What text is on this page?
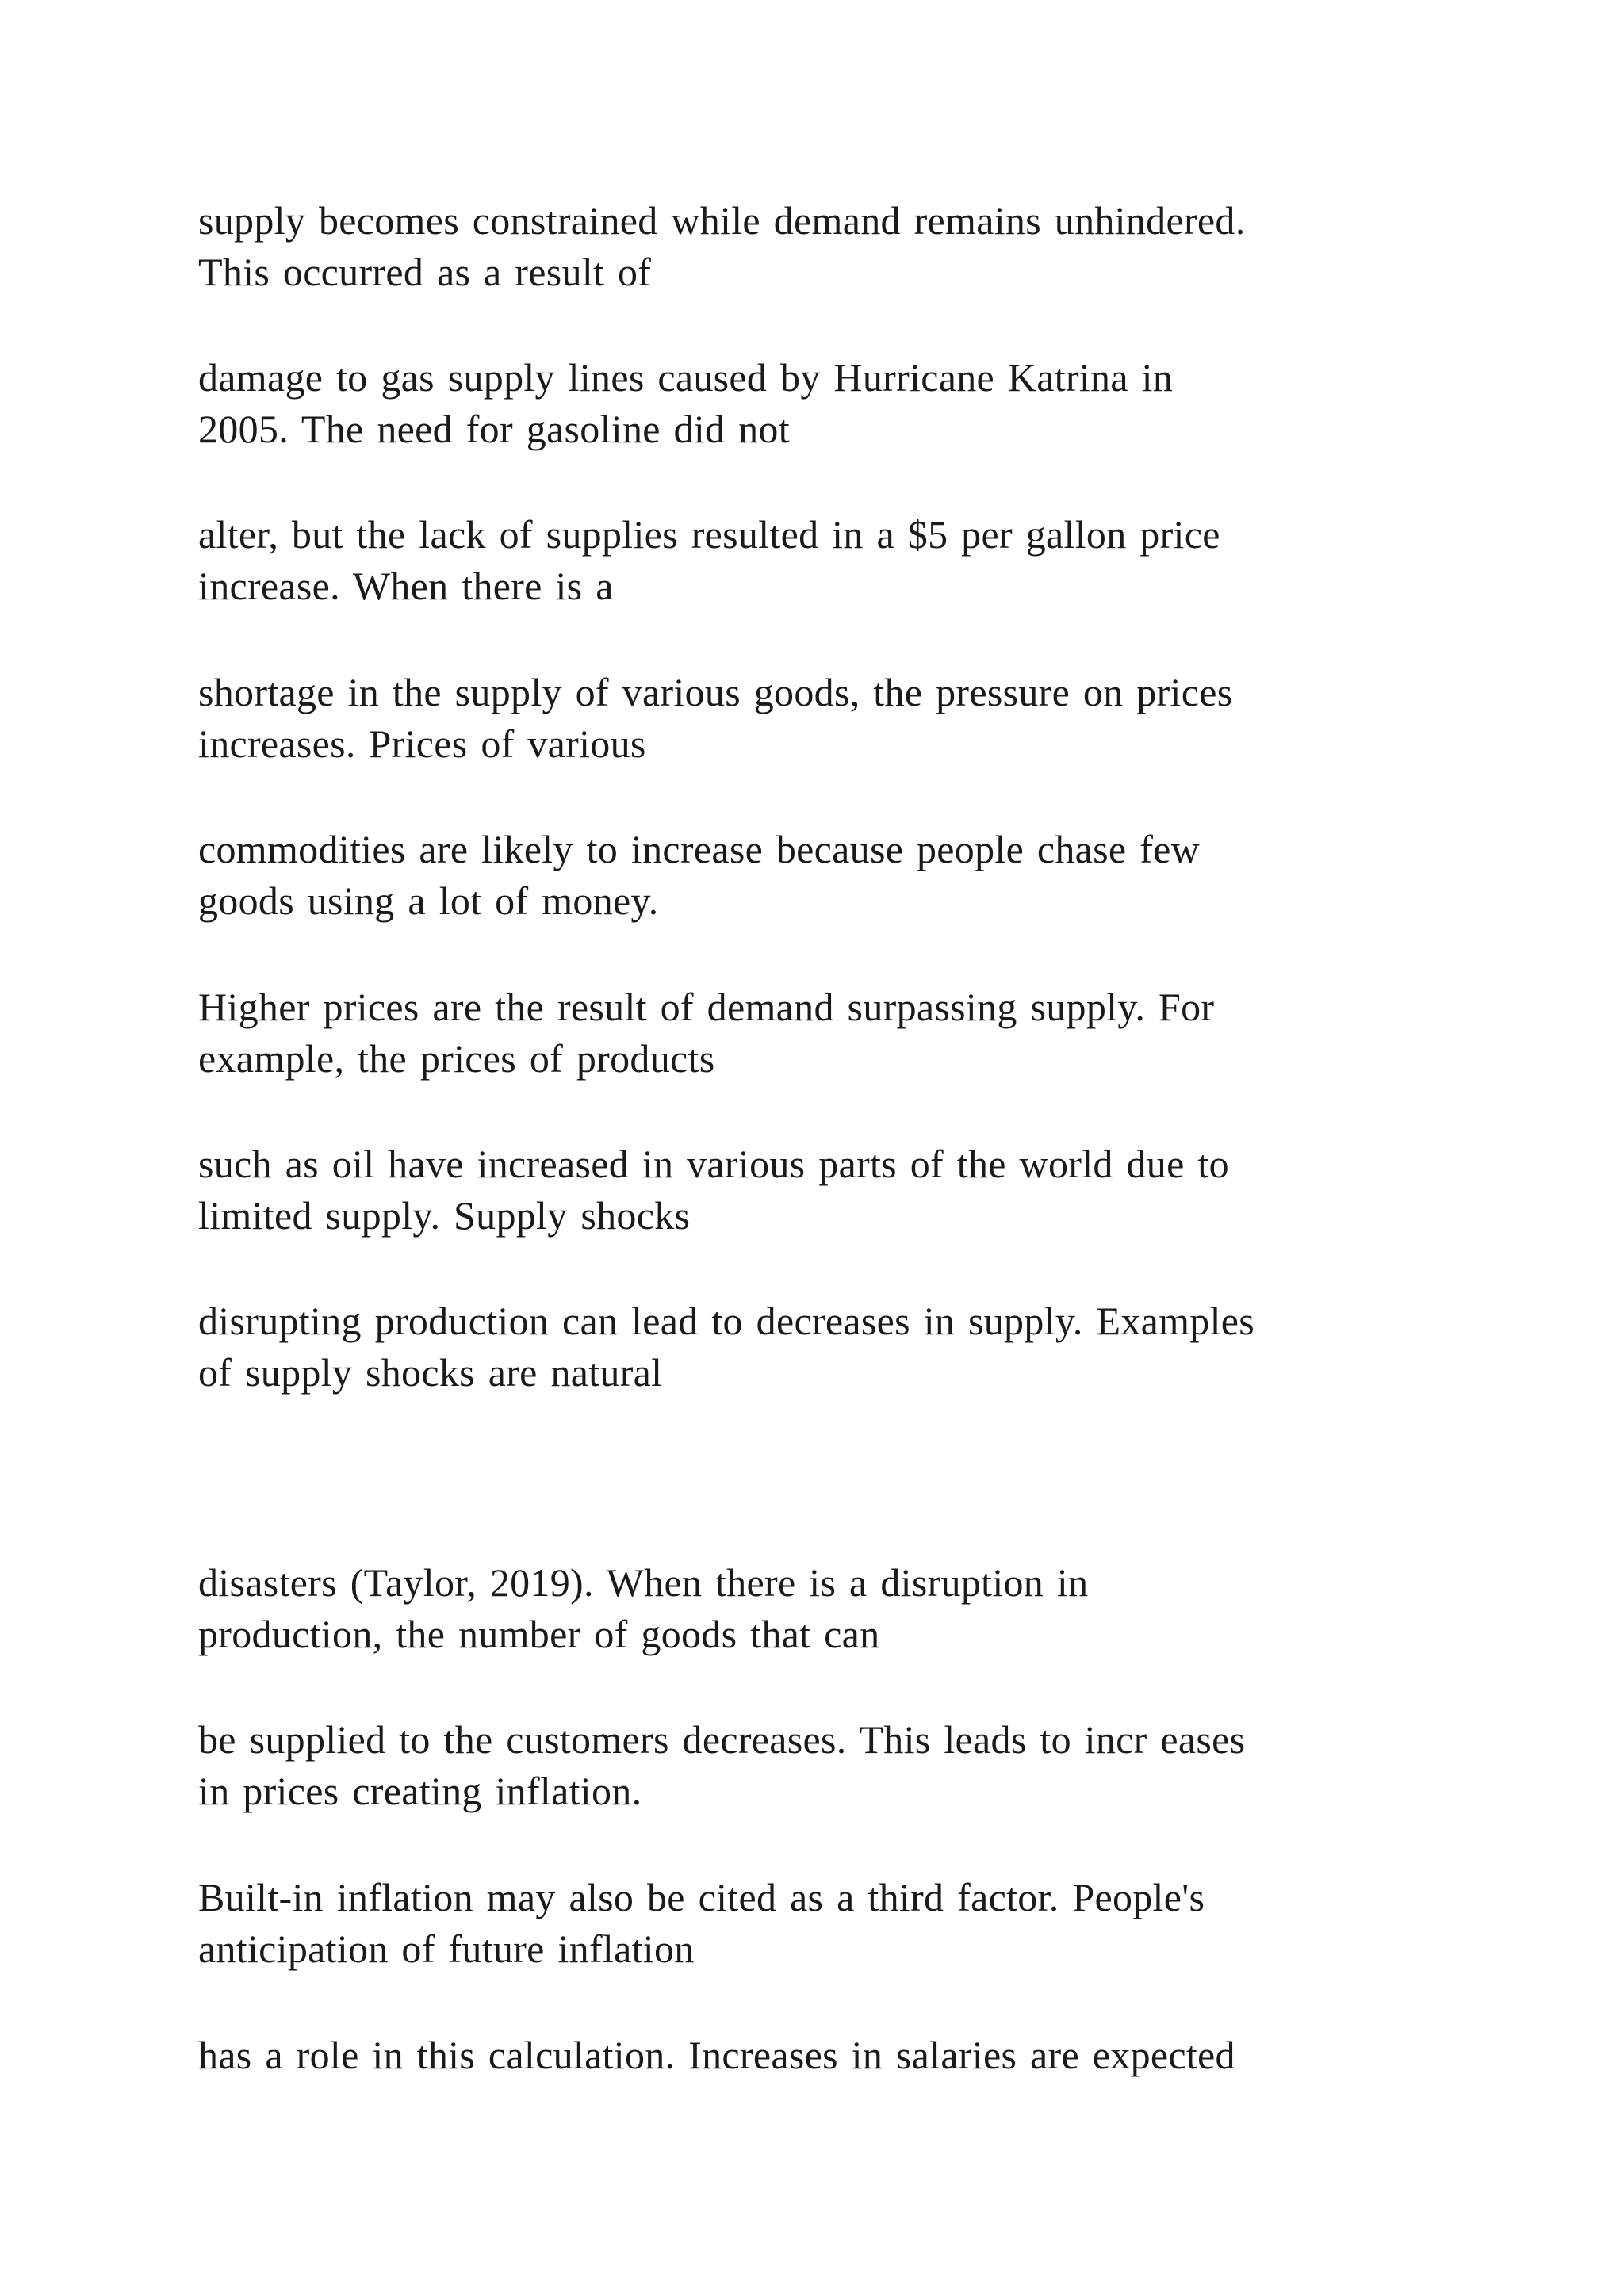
supply becomes constrained while demand remains unhindered.
This occurred as a result of

damage to gas supply lines caused by Hurricane Katrina in
2005. The need for gasoline did not

alter, but the lack of supplies resulted in a $5 per gallon price
increase. When there is a

shortage in the supply of various goods, the pressure on prices
increases. Prices of various

commodities are likely to increase because people chase few
goods using a lot of money.

Higher prices are the result of demand surpassing supply. For
example, the prices of products

such as oil have increased in various parts of the world due to
limited supply. Supply shocks

disrupting production can lead to decreases in supply. Examples
of supply shocks are natural

disasters (Taylor, 2019). When there is a disruption in
production, the number of goods that can

be supplied to the customers decreases. This leads to incr eases
in prices creating inflation.

Built-in inflation may also be cited as a third factor. People's
anticipation of future inflation

has a role in this calculation. Increases in salaries are expected
